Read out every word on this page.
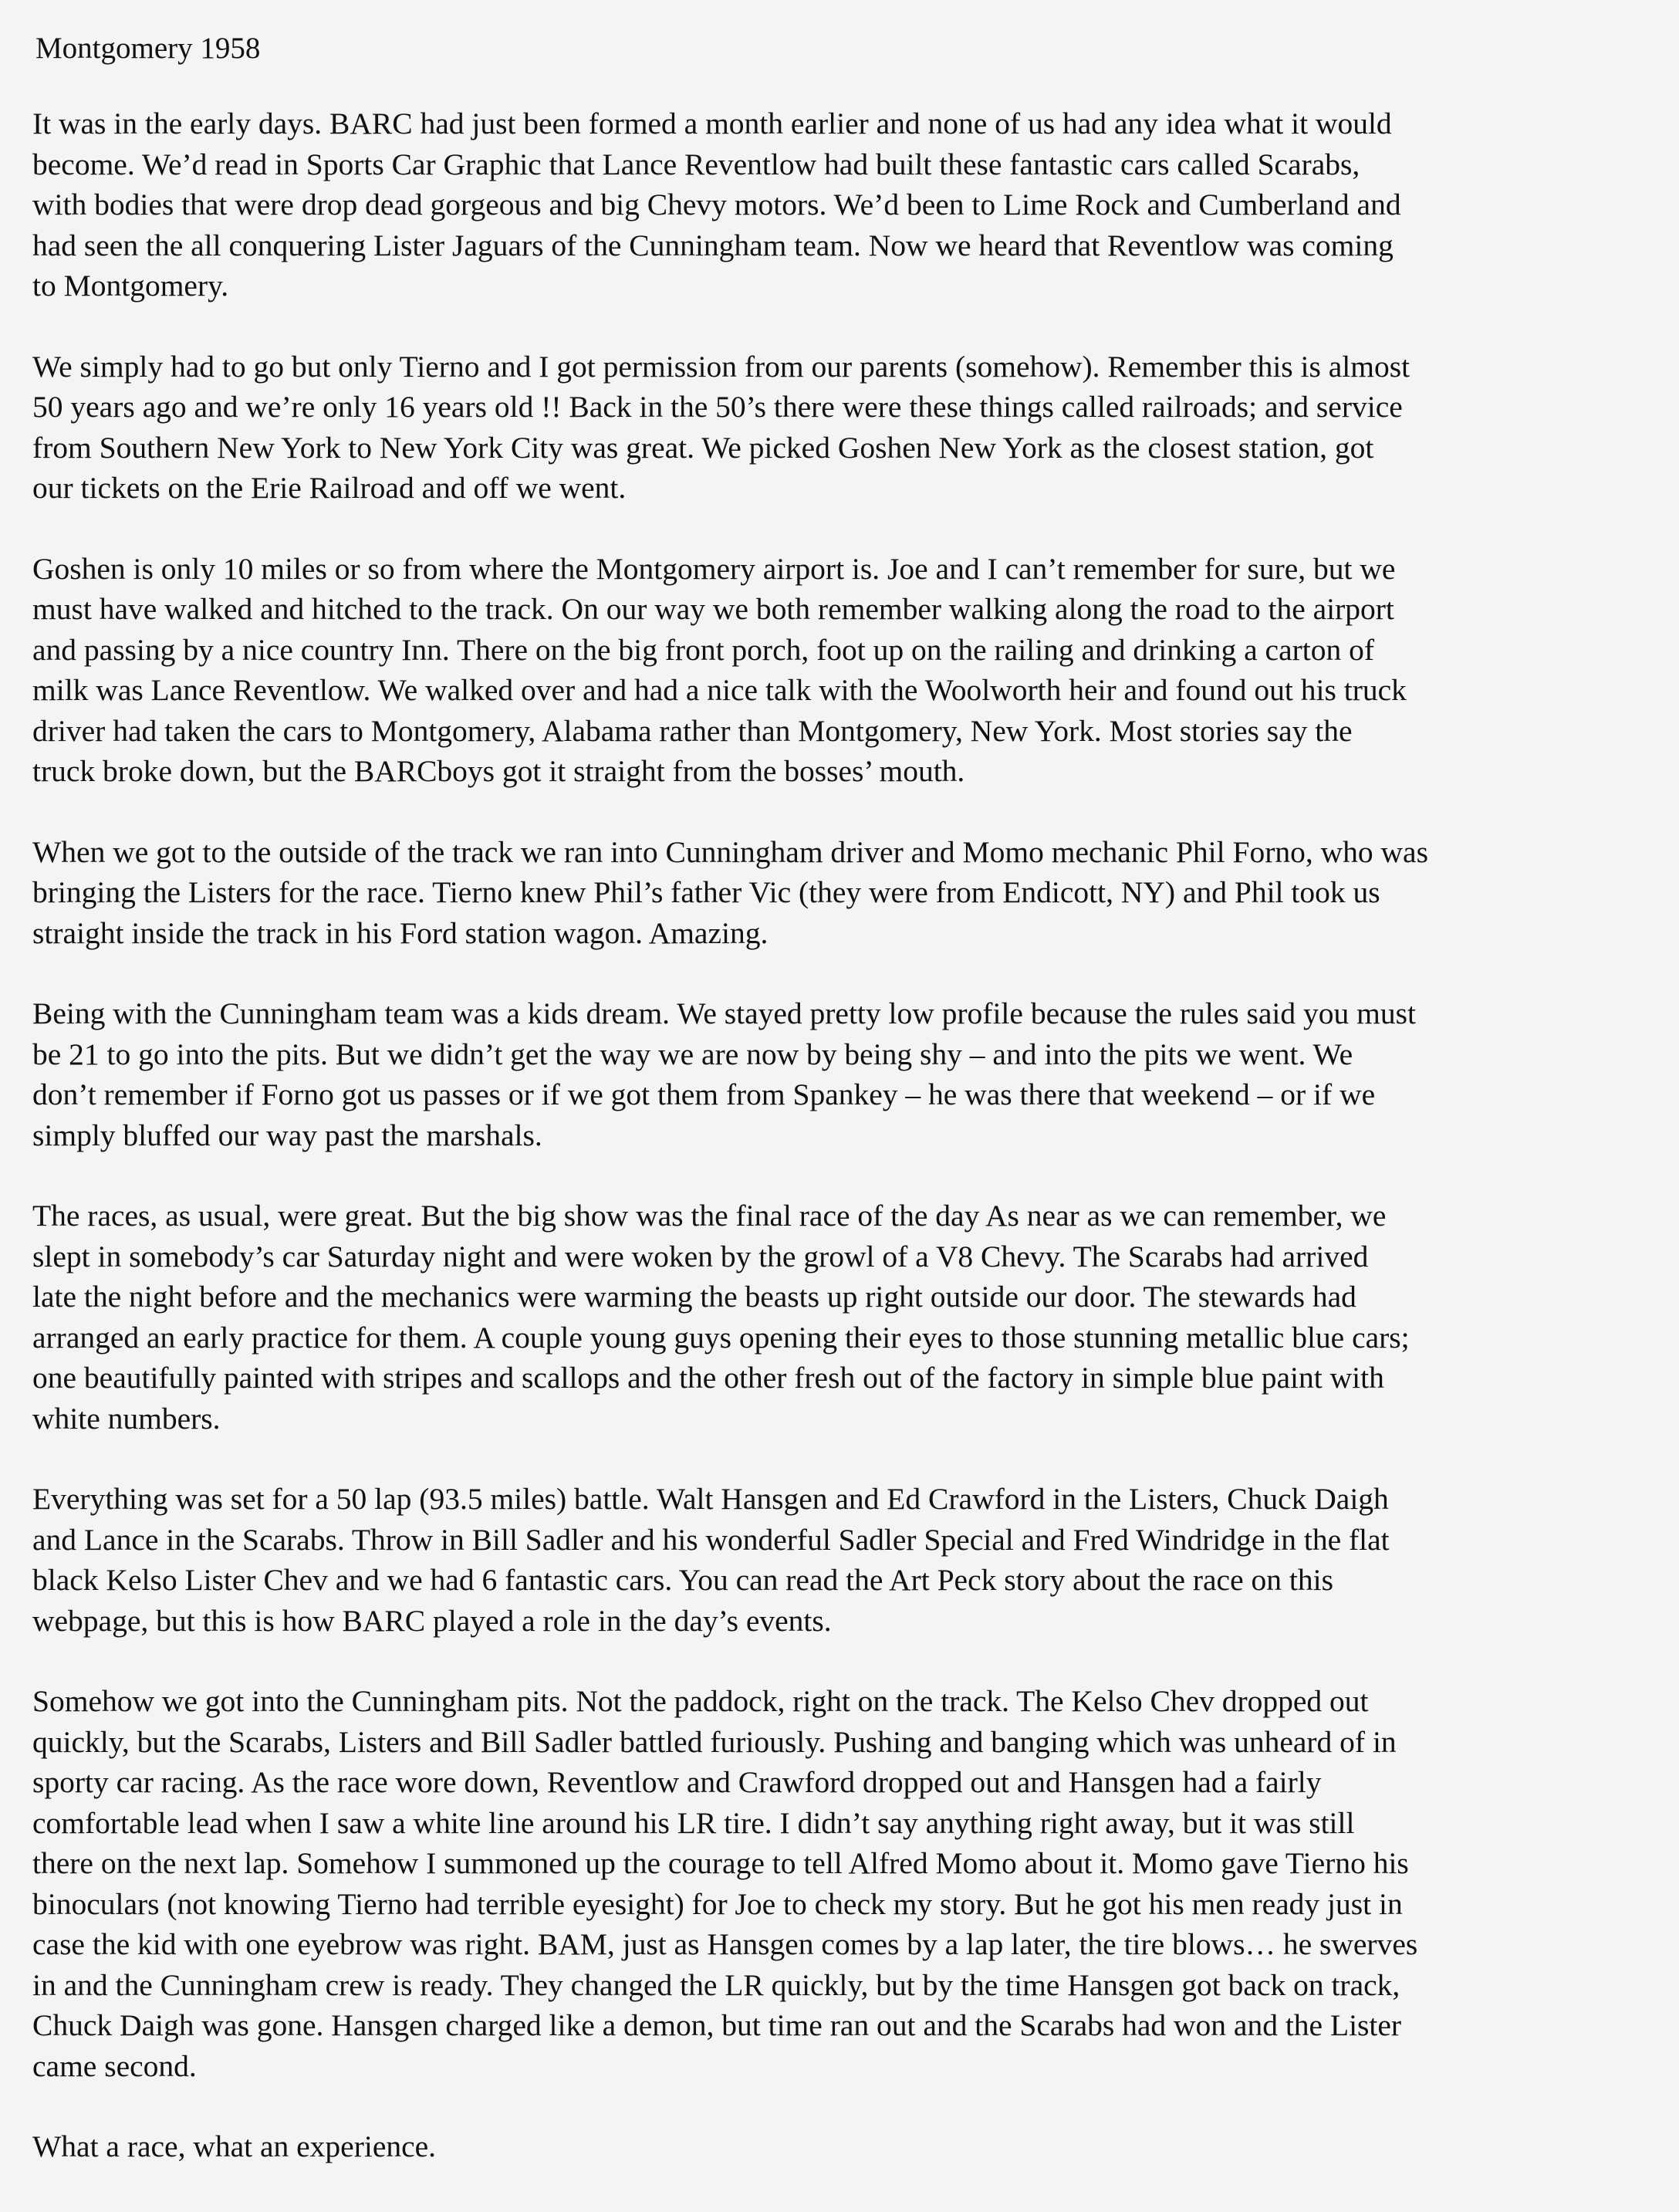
Montgomery 1958
It was in the early days. BARC had just been formed a month earlier and none of us had any idea what it would
become. We’d read in Sports Car Graphic that Lance Reventlow had built these fantastic cars called Scarabs,
with bodies that were drop dead gorgeous and big Chevy motors. We’d been to Lime Rock and Cumberland and
had seen the all conquering Lister Jaguars of the Cunningham team. Now we heard that Reventlow was coming
to Montgomery.
We simply had to go but only Tierno and I got permission from our parents (somehow). Remember this is almost
50 years ago and we’re only 16 years old !! Back in the 50’s there were these things called railroads; and service
from Southern New York to New York City was great. We picked Goshen New York as the closest station, got
our tickets on the Erie Railroad and off we went.
Goshen is only 10 miles or so from where the Montgomery airport is. Joe and I can’t remember for sure, but we
must have walked and hitched to the track. On our way we both remember walking along the road to the airport
and passing by a nice country Inn. There on the big front porch, foot up on the railing and drinking a carton of
milk was Lance Reventlow. We walked over and had a nice talk with the Woolworth heir and found out his truck
driver had taken the cars to Montgomery, Alabama rather than Montgomery, New York. Most stories say the
truck broke down, but the BARCboys got it straight from the bosses’ mouth.
When we got to the outside of the track we ran into Cunningham driver and Momo mechanic Phil Forno, who was
bringing the Listers for the race. Tierno knew Phil’s father Vic (they were from Endicott, NY) and Phil took us
straight inside the track in his Ford station wagon. Amazing.
Being with the Cunningham team was a kids dream. We stayed pretty low profile because the rules said you must
be 21 to go into the pits. But we didn’t get the way we are now by being shy – and into the pits we went. We
don’t remember if Forno got us passes or if we got them from Spankey – he was there that weekend – or if we
simply bluffed our way past the marshals.
The races, as usual, were great. But the big show was the final race of the day As near as we can remember, we
slept in somebody’s car Saturday night and were woken by the growl of a V8 Chevy. The Scarabs had arrived
late the night before and the mechanics were warming the beasts up right outside our door. The stewards had
arranged an early practice for them. A couple young guys opening their eyes to those stunning metallic blue cars;
one beautifully painted with stripes and scallops and the other fresh out of the factory in simple blue paint with
white numbers.
Everything was set for a 50 lap (93.5 miles) battle. Walt Hansgen and Ed Crawford in the Listers, Chuck Daigh
and Lance in the Scarabs. Throw in Bill Sadler and his wonderful Sadler Special and Fred Windridge in the flat
black Kelso Lister Chev and we had 6 fantastic cars. You can read the Art Peck story about the race on this
webpage, but this is how BARC played a role in the day’s events.
Somehow we got into the Cunningham pits. Not the paddock, right on the track. The Kelso Chev dropped out
quickly, but the Scarabs, Listers and Bill Sadler battled furiously. Pushing and banging which was unheard of in
sporty car racing. As the race wore down, Reventlow and Crawford dropped out and Hansgen had a fairly
comfortable lead when I saw a white line around his LR tire. I didn’t say anything right away, but it was still
there on the next lap. Somehow I summoned up the courage to tell Alfred Momo about it. Momo gave Tierno his
binoculars (not knowing Tierno had terrible eyesight) for Joe to check my story. But he got his men ready just in
case the kid with one eyebrow was right. BAM, just as Hansgen comes by a lap later, the tire blows… he swerves
in and the Cunningham crew is ready. They changed the LR quickly, but by the time Hansgen got back on track,
Chuck Daigh was gone. Hansgen charged like a demon, but time ran out and the Scarabs had won and the Lister
came second.
What a race, what an experience.
